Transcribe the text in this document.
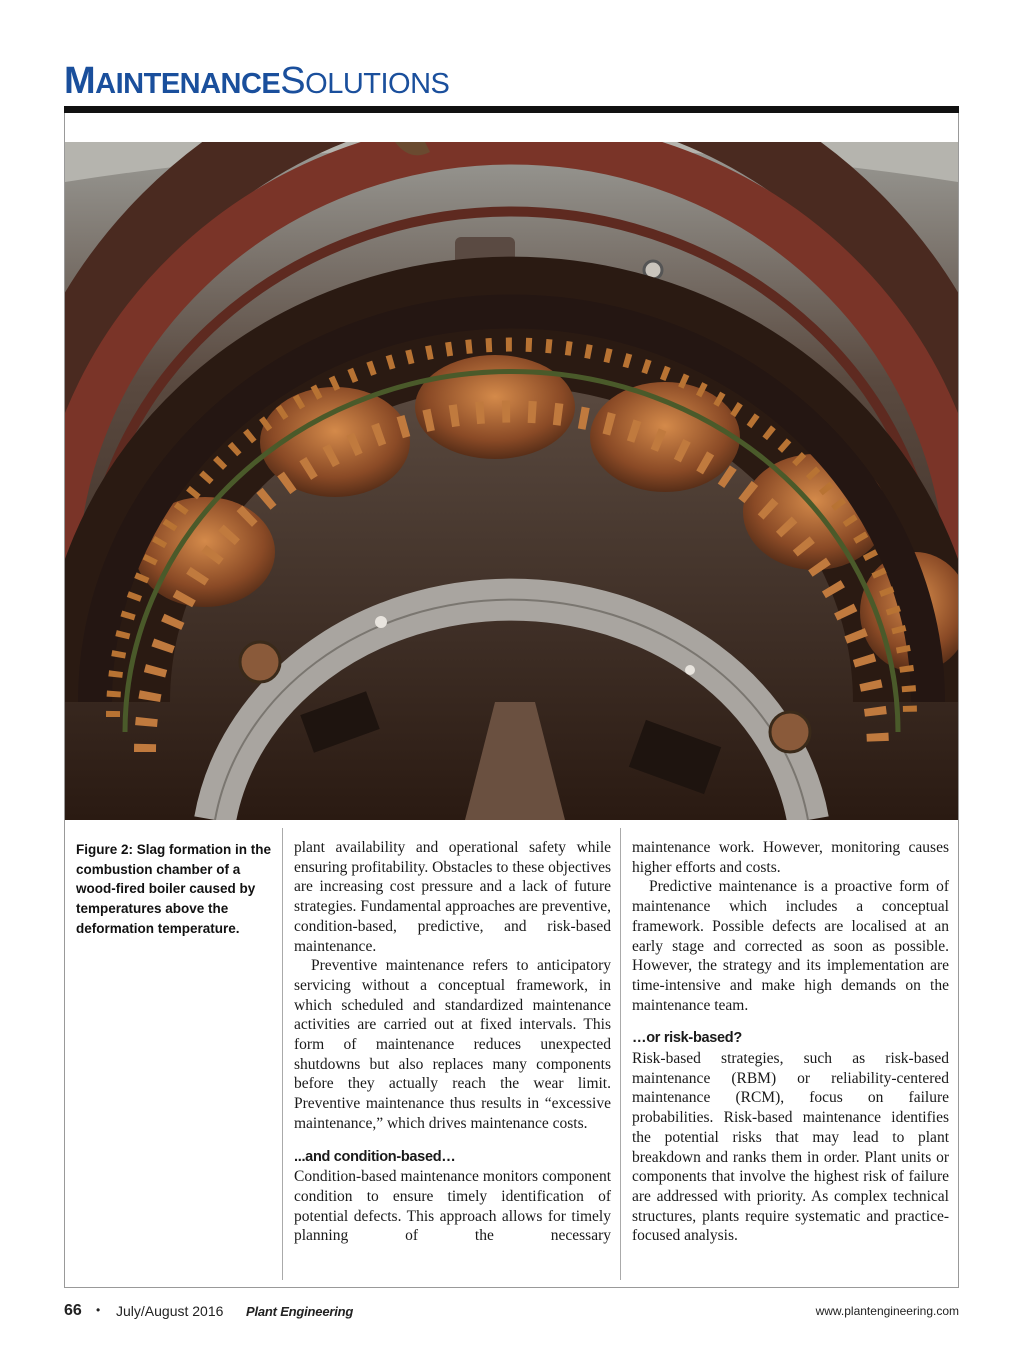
MAINTENANCESOLUTIONS
Figure 2: Slag formation in the combustion chamber of a wood-fired boiler caused by temperatures above the deformation temperature.

plant availability and operational safety while ensuring profitability. Obstacles to these objectives are increasing cost pressure and a lack of future strategies. Fundamental approaches are preventive, condition-based, predictive, and risk-based maintenance.

Preventive maintenance refers to anticipatory servicing without a conceptual framework, in which scheduled and standardized maintenance activities are carried out at fixed intervals. This form of maintenance reduces unexpected shutdowns but also replaces many components before they actually reach the wear limit. Preventive maintenance thus results in “excessive maintenance,” which drives maintenance costs.

...and condition-based…

Condition-based maintenance monitors component condition to ensure timely identification of potential defects. This approach allows for timely planning of the necessary

maintenance work. However, monitoring causes higher efforts and costs.

Predictive maintenance is a proactive form of maintenance which includes a conceptual framework. Possible defects are localised at an early stage and corrected as soon as possible. However, the strategy and its implementation are time-intensive and make high demands on the maintenance team.

…or risk-based?

Risk-based strategies, such as risk-based maintenance (RBM) or reliability-centered maintenance (RCM), focus on failure probabilities. Risk-based maintenance identifies the potential risks that may lead to plant breakdown and ranks them in order. Plant units or components that involve the highest risk of failure are addressed with priority. As complex technical structures, plants require systematic and practice-focused analysis.

66 • July/August 2016 Plant Engineering	www.plantengineering.com
